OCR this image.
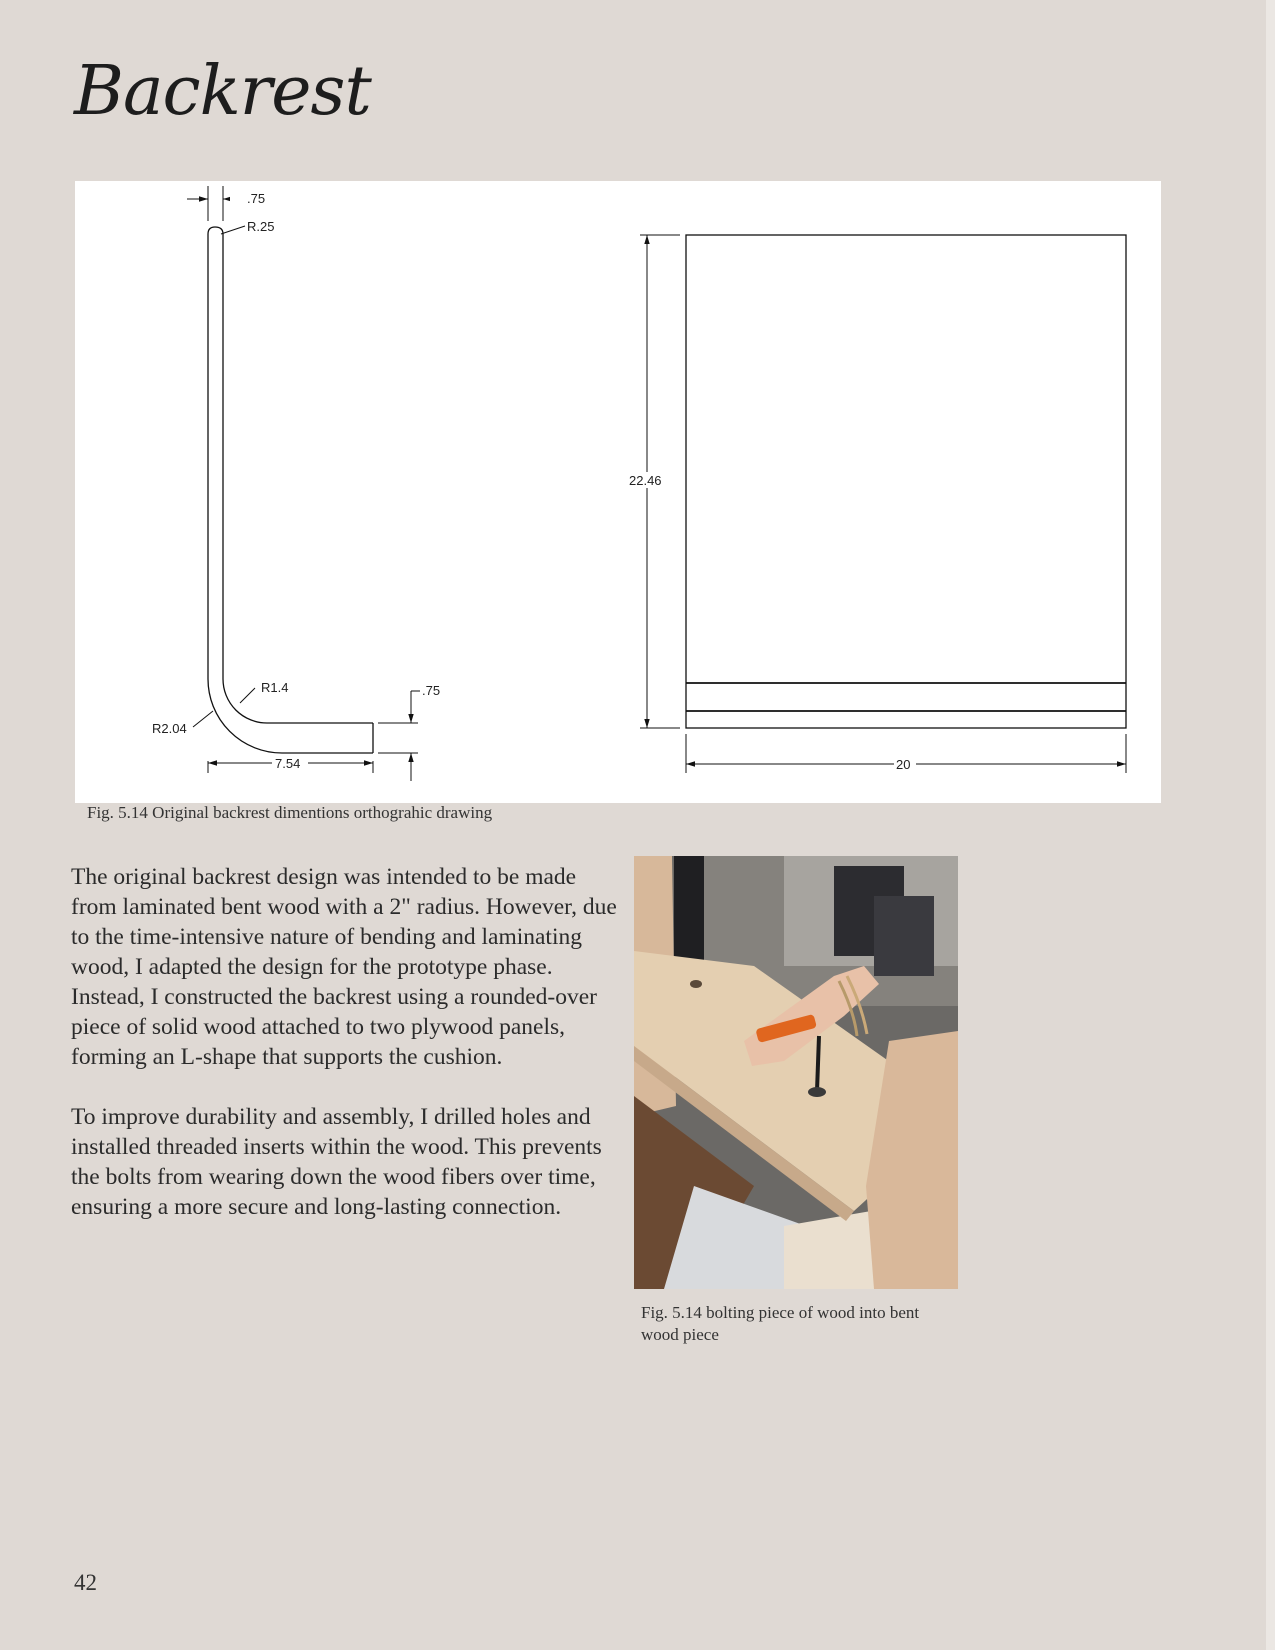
Backrest
.75
R.25
R1.4
R2.04
.75
7.54
22.46
20
Fig. 5.14 Original backrest dimentions orthograhic drawing

The original backrest design was intended to be made from laminated bent wood with a 2" radius. However, due to the time-intensive nature of bending and laminating wood, I adapted the design for the prototype phase. Instead, I constructed the backrest using a rounded-over piece of solid wood attached to two plywood panels, forming an L-shape that supports the cushion.

To improve durability and assembly, I drilled holes and installed threaded inserts within the wood. This prevents the bolts from wearing down the wood fibers over time, ensuring a more secure and long-lasting connection.

Fig. 5.14 bolting piece of wood into bent wood piece
42
